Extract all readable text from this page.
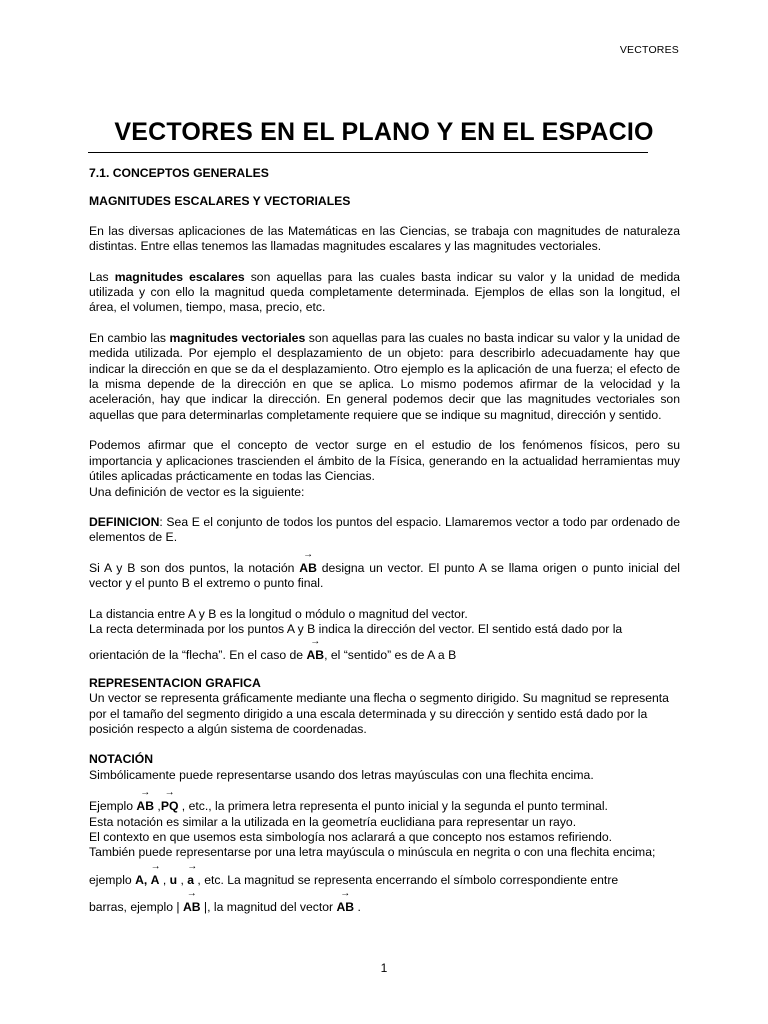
VECTORES
VECTORES EN EL PLANO Y EN EL ESPACIO

7.1. CONCEPTOS GENERALES

MAGNITUDES ESCALARES Y VECTORIALES

En las diversas aplicaciones de las Matemáticas en las Ciencias, se trabaja con magnitudes de naturaleza distintas. Entre ellas tenemos las llamadas magnitudes escalares y las magnitudes vectoriales.

Las magnitudes escalares son aquellas para las cuales basta indicar su valor y la unidad de medida utilizada y con ello la magnitud queda completamente determinada. Ejemplos de ellas son la longitud, el área, el volumen, tiempo, masa, precio, etc.

En cambio las magnitudes vectoriales son aquellas para las cuales no basta indicar su valor y la unidad de medida utilizada. Por ejemplo el desplazamiento de un objeto: para describirlo adecuadamente hay que indicar la dirección en que se da el desplazamiento. Otro ejemplo es la aplicación de una fuerza; el efecto de la misma depende de la dirección en que se aplica. Lo mismo podemos afirmar de la velocidad y la aceleración, hay que indicar la dirección. En general podemos decir que las magnitudes vectoriales son aquellas que para determinarlas completamente requiere que se indique su magnitud, dirección y sentido.

Podemos afirmar que el concepto de vector surge en el estudio de los fenómenos físicos, pero su importancia y aplicaciones trascienden el ámbito de la Física, generando en la actualidad herramientas muy útiles aplicadas prácticamente en todas las Ciencias.

Una definición de vector es la siguiente:

DEFINICION: Sea E el conjunto de todos los puntos del espacio. Llamaremos vector a todo par ordenado de elementos de E.

Si A y B son dos puntos, la notación
→
AB designa un vector. El punto A se llama origen o punto inicial del vector y el punto B el extremo o punto final.

La distancia entre A y B es la longitud o módulo o magnitud del vector.

La recta determinada por los puntos A y B indica la dirección del vector. El sentido está dado por la

orientación de la “flecha”. En el caso de
→
AB, el “sentido” es de A a B

REPRESENTACION GRAFICA

Un vector se representa gráficamente mediante una flecha o segmento dirigido. Su magnitud se representa por el tamaño del segmento dirigido a una escala determinada y su dirección y sentido está dado por la posición respecto a algún sistema de coordenadas.

NOTACIÓN

Simbólicamente puede representarse usando dos letras mayúsculas con una flechita encima.

Ejemplo
→
AB ,
→
PQ , etc., la primera letra representa el punto inicial y la segunda el punto terminal.

Esta notación es similar a la utilizada en la geometría euclidiana para representar un rayo.

El contexto en que usemos esta simbología nos aclarará a que concepto nos estamos refiriendo.

También puede representarse por una letra mayúscula o minúscula en negrita o con una flechita encima;

ejemplo A,
→
A , u ,
→
a , etc. La magnitud se representa encerrando el símbolo correspondiente entre

barras, ejemplo |
→
AB |, la magnitud del vector
→
AB .

1
